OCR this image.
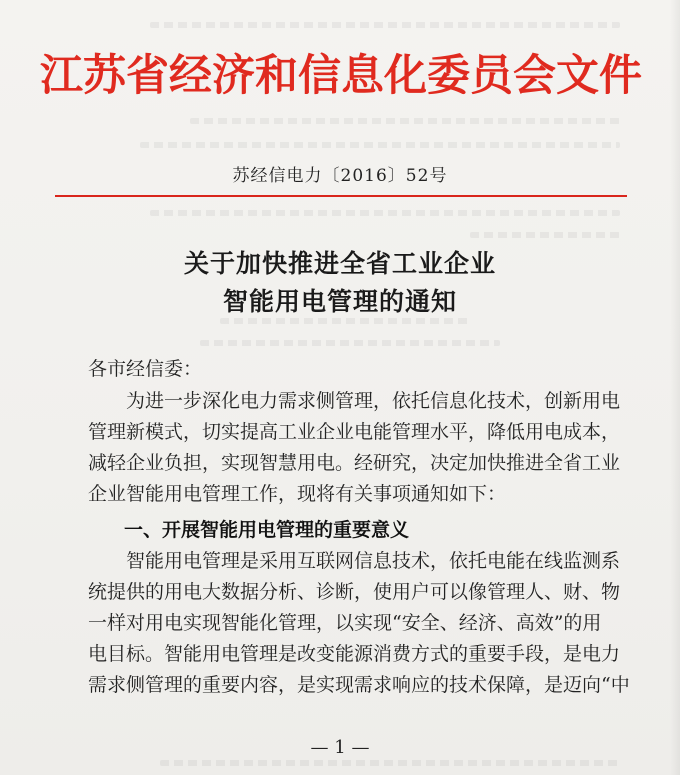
江苏省经济和信息化委员会文件
苏经信电力〔2016〕52号
关于加快推进全省工业企业
智能用电管理的通知
各市经信委：
为进一步深化电力需求侧管理，依托信息化技术，创新用电
管理新模式，切实提高工业企业电能管理水平，降低用电成本，
减轻企业负担，实现智慧用电。经研究，决定加快推进全省工业
企业智能用电管理工作，现将有关事项通知如下：
一、开展智能用电管理的重要意义
智能用电管理是采用互联网信息技术，依托电能在线监测系
统提供的用电大数据分析、诊断，使用户可以像管理人、财、物
一样对用电实现智能化管理，以实现“安全、经济、高效”的用
电目标。智能用电管理是改变能源消费方式的重要手段，是电力
需求侧管理的重要内容，是实现需求响应的技术保障，是迈向“中
— 1 —
